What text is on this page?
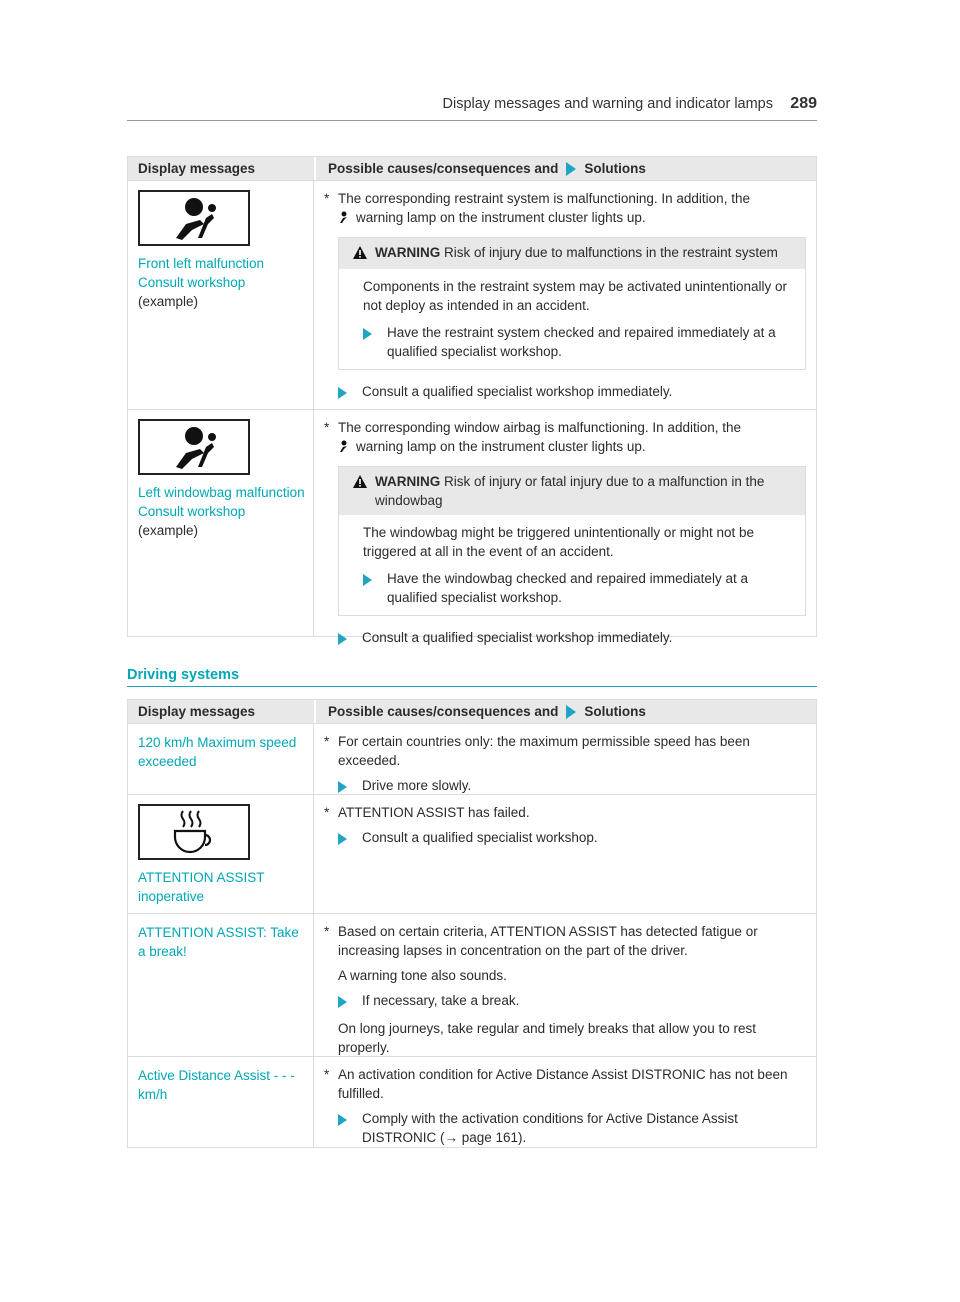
Display messages and warning and indicator lamps 289
Display messages	Possible causes/consequences and Solutions
Front left malfunction Consult workshop (example)
* The corresponding restraint system is malfunctioning. In addition, the
warning lamp on the instrument cluster lights up.
WARNING Risk of injury due to malfunctions in the restraint system

Components in the restraint system may be activated unintentionally or not deploy as intended in an accident.

Have the restraint system checked and repaired immediately at a qualified specialist workshop.
Consult a qualified specialist workshop immediately.
Left windowbag malfunction Consult workshop (example)
* The corresponding window airbag is malfunctioning. In addition, the
warning lamp on the instrument cluster lights up.
WARNING Risk of injury or fatal injury due to a malfunction in the windowbag

The windowbag might be triggered unintentionally or might not be triggered at all in the event of an accident.

Have the windowbag checked and repaired immediately at a qualified specialist workshop.
Consult a qualified specialist workshop immediately.
Driving systems
Display messages	Possible causes/consequences and Solutions
120 km/h Maximum speed exceeded
* For certain countries only: the maximum permissible speed has been exceeded.
Drive more slowly.
ATTENTION ASSIST inoperative
* ATTENTION ASSIST has failed.
Consult a qualified specialist workshop.
ATTENTION ASSIST: Take a break!
* Based on certain criteria, ATTENTION ASSIST has detected fatigue or increasing lapses in concentration on the part of the driver.

A warning tone also sounds.

If necessary, take a break.

On long journeys, take regular and timely breaks that allow you to rest properly.

Active Distance Assist - - - km/h
* An activation condition for Active Distance Assist DISTRONIC has not been fulfilled.
Comply with the activation conditions for Active Distance Assist DISTRONIC (→ page 161).
